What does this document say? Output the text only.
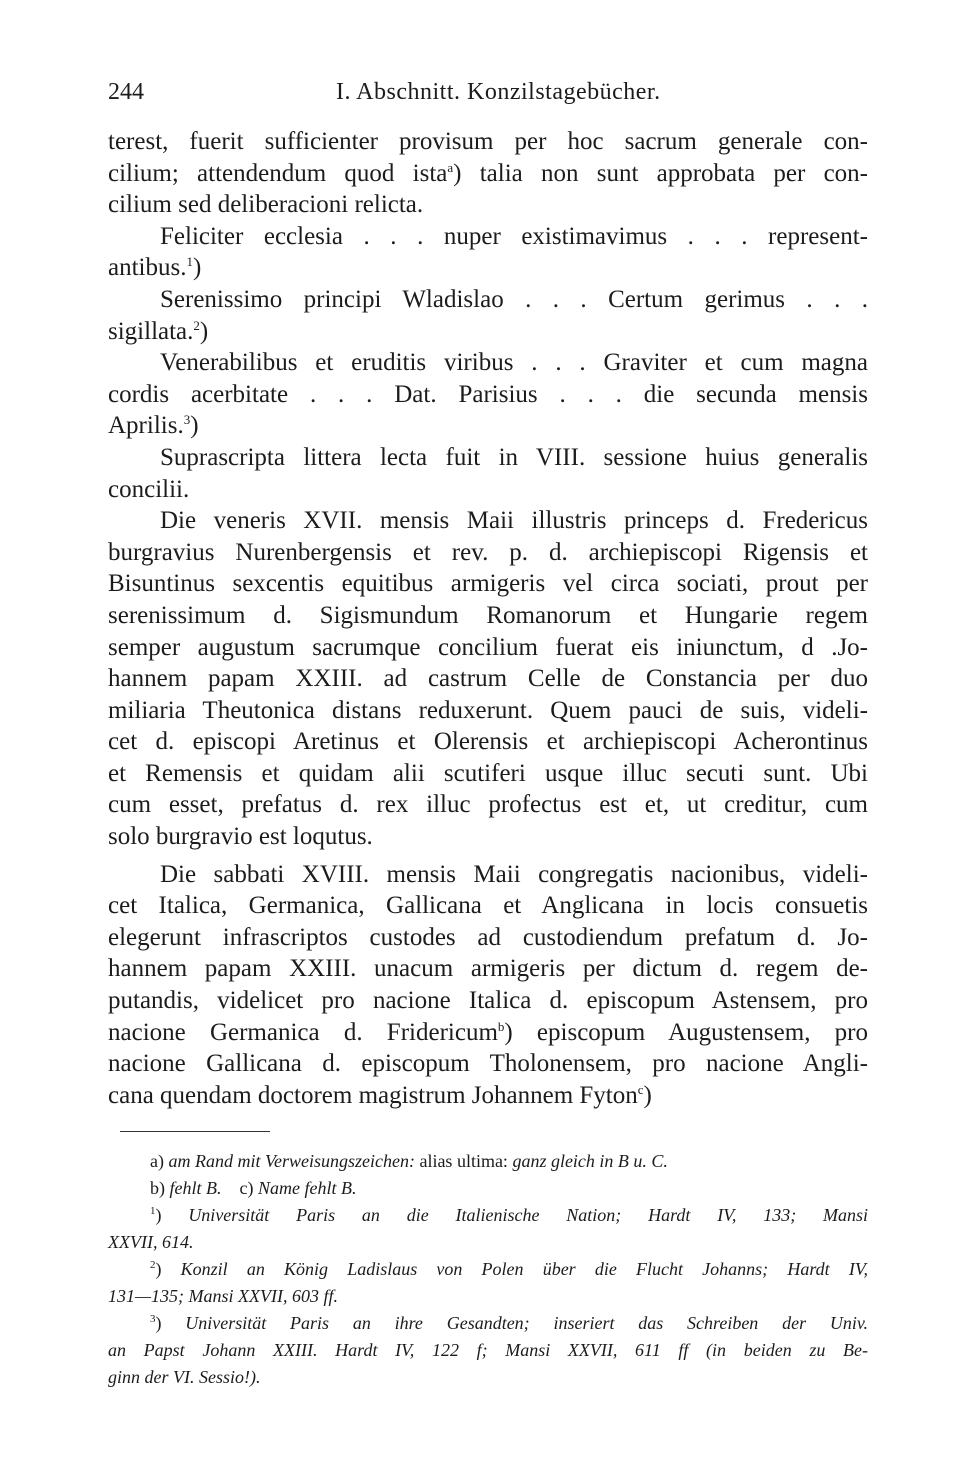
244	I. Abschnitt. Konzilstagebücher.
terest, fuerit sufficienter provisum per hoc sacrum generale con-
cilium; attendendum quod ista$^a$) talia non sunt approbata per con-
cilium sed deliberacioni relicta.
Feliciter ecclesia . . . nuper existimavimus . . . represent-
antibus.$^1$)
Serenissimo principi Wladislao . . . Certum gerimus . . .
sigillata.$^2$)
Venerabilibus et eruditis viribus . . . Graviter et cum magna
cordis acerbitate . . . Dat. Parisius . . . die secunda mensis
Aprilis.$^3$)
Suprascripta littera lecta fuit in VIII. sessione huius generalis
concilii.
Die veneris XVII. mensis Maii illustris princeps d. Fredericus
burgravius Nurenbergensis et rev. p. d. archiepiscopi Rigensis et
Bisuntinus sexcentis equitibus armigeris vel circa sociati, prout per
serenissimum d. Sigismundum Romanorum et Hungarie regem
semper augustum sacrumque concilium fuerat eis iniunctum, d .Jo-
hannem papam XXIII. ad castrum Celle de Constancia per duo
miliaria Theutonica distans reduxerunt. Quem pauci de suis, videli-
cet d. episcopi Aretinus et Olerensis et archiepiscopi Acherontinus
et Remensis et quidam alii scutiferi usque illuc secuti sunt. Ubi
cum esset, prefatus d. rex illuc profectus est et, ut creditur, cum
solo burgravio est loqutus.
Die sabbati XVIII. mensis Maii congregatis nacionibus, videli-
cet Italica, Germanica, Gallicana et Anglicana in locis consuetis
elegerunt infrascriptos custodes ad custodiendum prefatum d. Jo-
hannem papam XXIII. unacum armigeris per dictum d. regem de-
putandis, videlicet pro nacione Italica d. episcopum Astensem, pro
nacione Germanica d. Fridericum$^b$) episcopum Augustensem, pro
nacione Gallicana d. episcopum Tholonensem, pro nacione Angli-
cana quendam doctorem magistrum Johannem Fyton$^c$)
a) am Rand mit Verweisungszeichen: alias ultima: ganz gleich in B u. C.
b) fehlt B. c) Name fehlt B.
$^1$) Universität Paris an die Italienische Nation; Hardt IV, 133; Mansi
XXVII, 614.
$^2$) Konzil an König Ladislaus von Polen über die Flucht Johanns; Hardt IV,
131—135; Mansi XXVII, 603 ff.
$^3$) Universität Paris an ihre Gesandten; inseriert das Schreiben der Univ.
an Papst Johann XXIII. Hardt IV, 122 f; Mansi XXVII, 611 ff (in beiden zu Be-
ginn der VI. Sessio!).
